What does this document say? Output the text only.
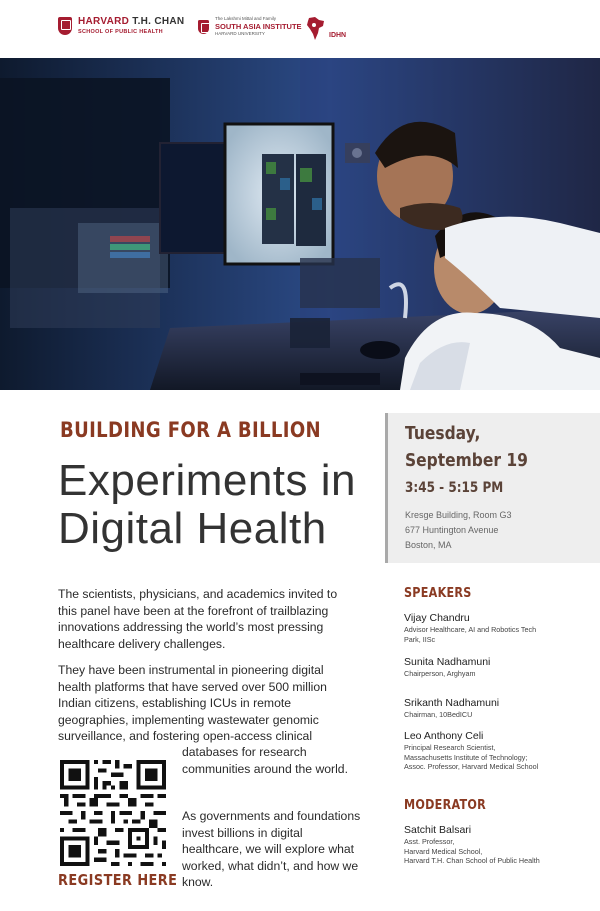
HARVARD T.H. CHAN
SCHOOL OF PUBLIC HEALTH
The Lakshmi Mittal and Family
SOUTH ASIA INSTITUTE
HARVARD UNIVERSITY	IDHN
BUILDING FOR A BILLION
Experiments in
Digital Health
Tuesday,
September 19
3:45 - 5:15 PM
Kresge Building, Room G3
677 Huntington Avenue
Boston, MA

The scientists, physicians, and academics invited to this panel have been at the forefront of trailblazing innovations addressing the world’s most pressing healthcare delivery challenges.

They have been instrumental in pioneering digital health platforms that have served over 500 million Indian citizens, establishing ICUs in remote geographies, implementing wastewater genomic surveillance, and fostering open-access clinical

databases for research communities around the world.

As governments and foundations invest billions in digital healthcare, we will explore what worked, what didn’t, and how we know.

REGISTER HERE
SPEAKERS
Vijay Chandru
Advisor Healthcare, AI and Robotics Tech
Park, IISc
Sunita Nadhamuni
Chairperson, Arghyam
Srikanth Nadhamuni
Chairman, 10BedICU
Leo Anthony Celi
Principal Research Scientist,
Massachusetts Institute of Technology;
Assoc. Professor, Harvard Medical School
MODERATOR
Satchit Balsari
Asst. Professor,
Harvard Medical School,
Harvard T.H. Chan School of Public Health
